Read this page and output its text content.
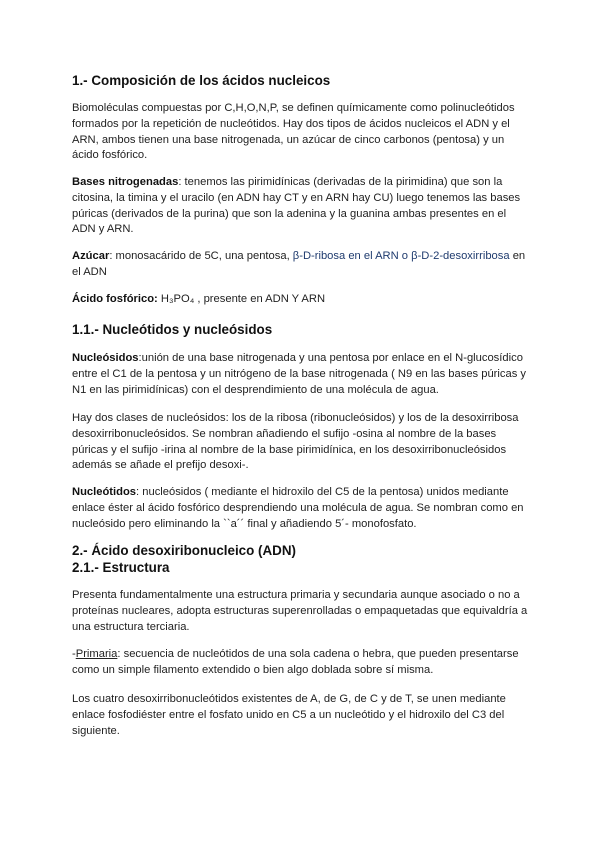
1.- Composición de los ácidos nucleicos

Biomoléculas compuestas por C,H,O,N,P, se definen químicamente como polinucleótidos formados por la repetición de nucleótidos. Hay dos tipos de ácidos nucleicos el ADN y el ARN, ambos tienen una base nitrogenada, un azúcar de cinco carbonos (pentosa) y un ácido fosfórico.

Bases nitrogenadas: tenemos las pirimidínicas (derivadas de la pirimidina) que son la citosina, la timina y el uracilo (en ADN hay CT y en ARN hay CU) luego tenemos las bases púricas (derivados de la purina) que son la adenina y la guanina ambas presentes en el ADN y ARN.

Azúcar: monosacárido de 5C, una pentosa, β-D-ribosa en el ARN o β-D-2-desoxirribosa en el ADN

Ácido fosfórico: H₃PO₄ , presente en ADN Y ARN

1.1.- Nucleótidos y nucleósidos

Nucleósidos:unión de una base nitrogenada y una pentosa por enlace en el N-glucosídico entre el C1 de la pentosa y un nitrógeno de la base nitrogenada ( N9 en las bases púricas y N1 en las pirimidínicas) con el desprendimiento de una molécula de agua.

Hay dos clases de nucleósidos: los de la ribosa (ribonucleósidos) y los de la desoxirribosa desoxirribonucleósidos. Se nombran añadiendo el sufijo -osina al nombre de la bases púricas y el sufijo -irina al nombre de la base pirimidínica, en los desoxirribonucleósidos además se añade el prefijo desoxi-.

Nucleótidos: nucleósidos ( mediante el hidroxilo del C5 de la pentosa) unidos mediante enlace éster al ácido fosfórico desprendiendo una molécula de agua. Se nombran como en nucleósido pero eliminando la ``a´´ final y añadiendo 5´- monofosfato.

2.- Ácido desoxiribonucleico (ADN)
2.1.- Estructura

Presenta fundamentalmente una estructura primaria y secundaria aunque asociado o no a proteínas nucleares, adopta estructuras superenrolladas o empaquetadas que equivaldría a una estructura terciaria.

-Primaria: secuencia de nucleótidos de una sola cadena o hebra, que pueden presentarse como un simple filamento extendido o bien algo doblada sobre sí misma.

Los cuatro desoxirribonucleótidos existentes de A, de G, de C y de T, se unen mediante enlace fosfodiéster entre el fosfato unido en C5 a un nucleótido y el hidroxilo del C3 del siguiente.
